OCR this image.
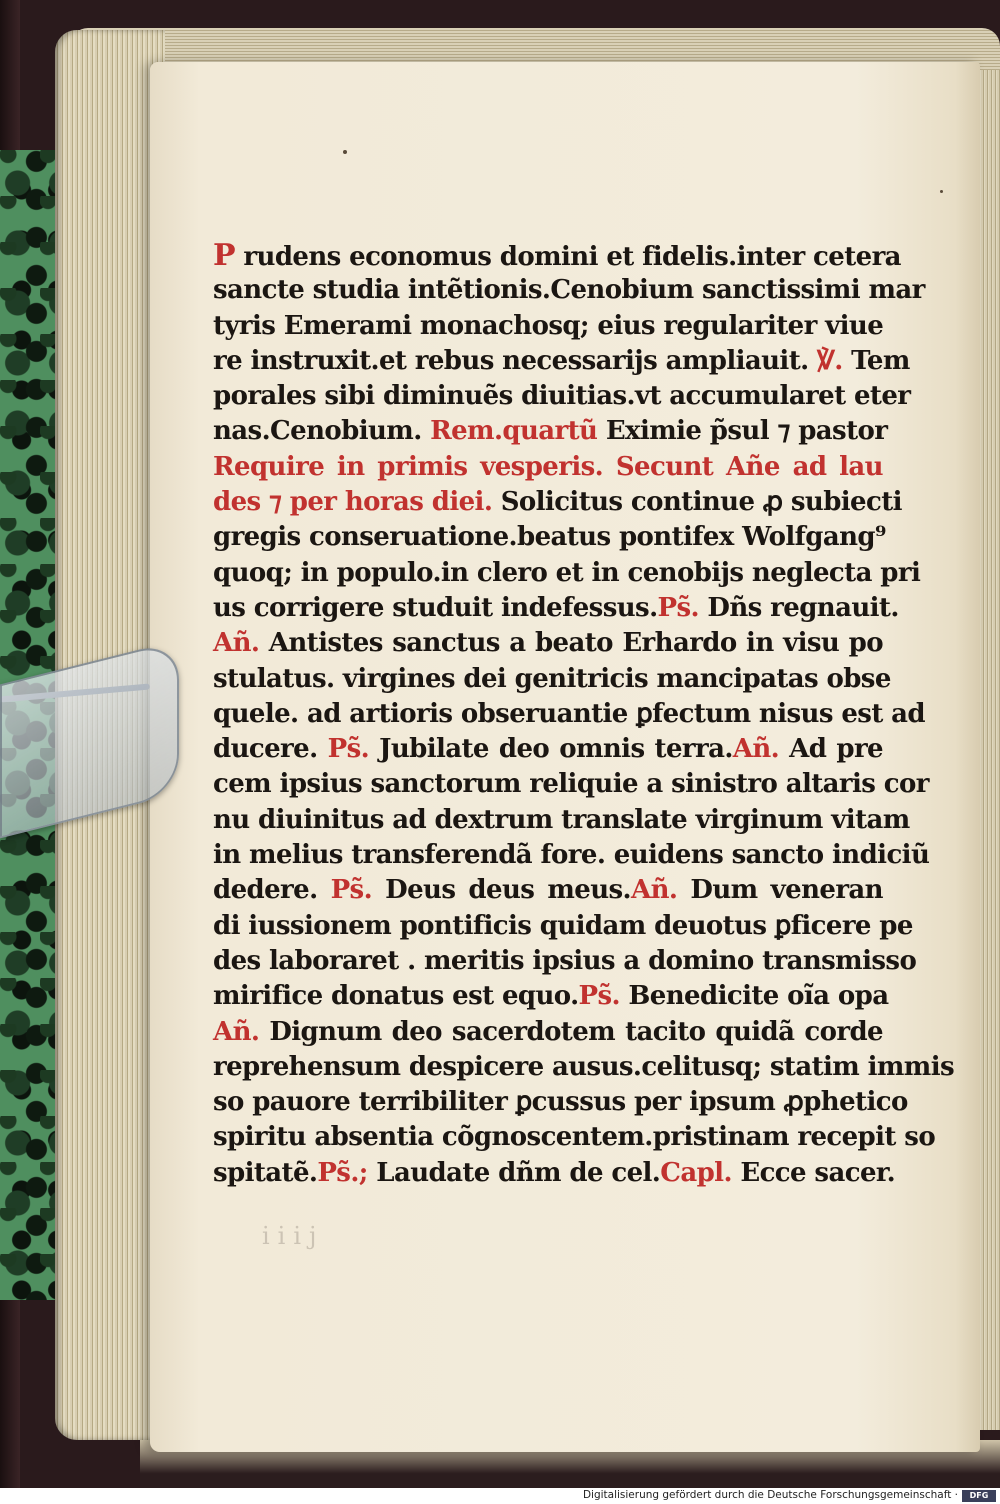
P rudens economus domini et fidelis.inter cetera
sancte studia intẽtionis.Cenobium sanctissimi mar
tyris Emerami monachosq; eius regulariter viue
re instruxit.et rebus necessarijs ampliauit. ℣. Tem
porales sibi diminuẽs diuitias.vt accumularet eter
nas.Cenobium. Rem.quartũ Eximie p̃sul ⁊ pastor
Require in primis vesperis. Secunt Añe ad lau
des ⁊ per horas diei. Solicitus continue ꝓ subiecti
gregis conseruatione.beatus pontifex Wolfgang⁹
quoq; in populo.in clero et in cenobijs neglecta pri
us corrigere studuit indefessus.Ps̃. Dñs regnauit.
Añ. Antistes sanctus a beato Erhardo in visu po
stulatus. virgines dei genitricis mancipatas obse
quele. ad artioris obseruantie ꝑfectum nisus est ad
ducere. Ps̃. Jubilate deo omnis terra.Añ. Ad pre
cem ipsius sanctorum reliquie a sinistro altaris cor
nu diuinitus ad dextrum translate virginum vitam
in melius transferendã fore. euidens sancto indiciũ
dedere. Ps̃. Deus deus meus.Añ. Dum veneran
di iussionem pontificis quidam deuotus ꝑficere pe
des laboraret . meritis ipsius a domino transmisso
mirifice donatus est equo.Ps̃. Benedicite oĩa opa
Añ. Dignum deo sacerdotem tacito quidã corde
reprehensum despicere ausus.celitusq; statim immis
so pauore terribiliter ꝑcussus per ipsum ꝓphetico
spiritu absentia cõgnoscentem.pristinam recepit so
spitatẽ.Ps̃.; Laudate dñm de cel.Capl. Ecce sacer.
iiij
Digitalisierung gefördert durch die Deutsche Forschungsgemeinschaft ·	DFG
